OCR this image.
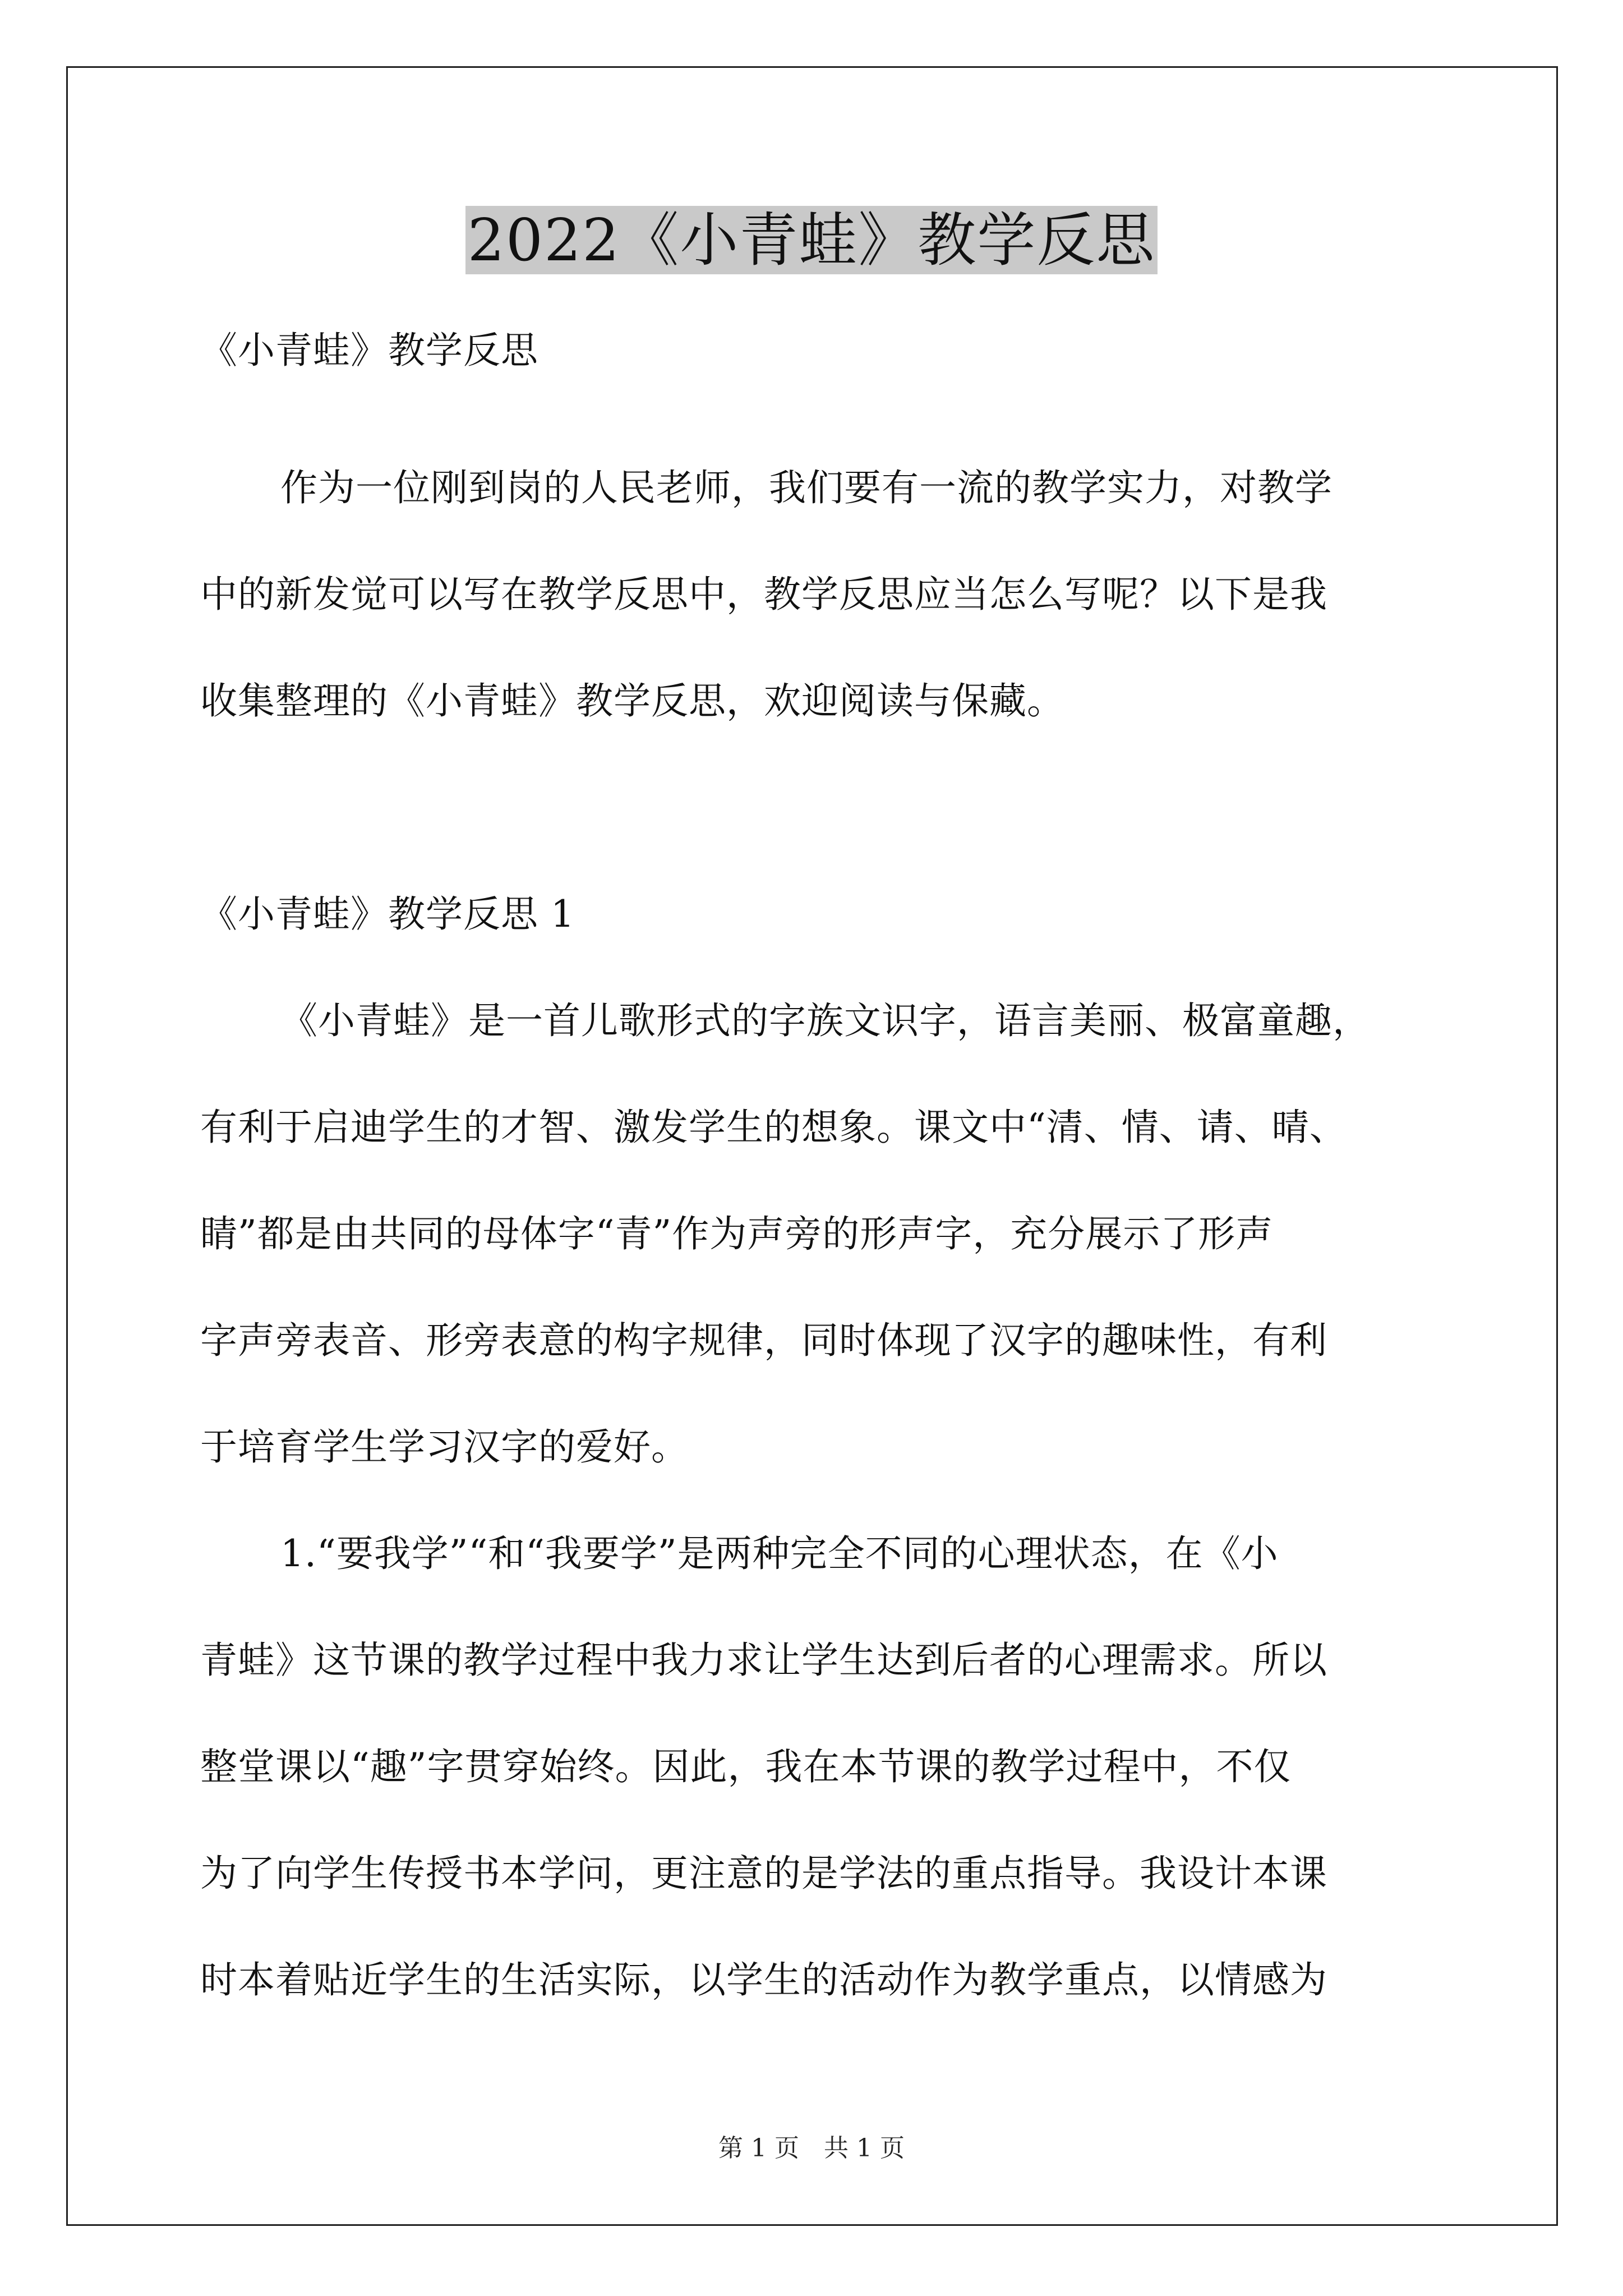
2022《小青蛙》教学反思
《小青蛙》教学反思
作为一位刚到岗的人民老师，我们要有一流的教学实力，对教学
中的新发觉可以写在教学反思中，教学反思应当怎么写呢？以下是我
收集整理的《小青蛙》教学反思，欢迎阅读与保藏。
《小青蛙》教学反思 1
《小青蛙》是一首儿歌形式的字族文识字，语言美丽、极富童趣，
有利于启迪学生的才智、激发学生的想象。课文中“清、情、请、晴、
睛”都是由共同的母体字“青”作为声旁的形声字，充分展示了形声
字声旁表音、形旁表意的构字规律，同时体现了汉字的趣味性，有利
于培育学生学习汉字的爱好。
1.“要我学”“和“我要学”是两种完全不同的心理状态，在《小
青蛙》这节课的教学过程中我力求让学生达到后者的心理需求。所以
整堂课以“趣”字贯穿始终。因此，我在本节课的教学过程中，不仅
为了向学生传授书本学问，更注意的是学法的重点指导。我设计本课
时本着贴近学生的生活实际，以学生的活动作为教学重点，以情感为
第 1 页　共 1 页
